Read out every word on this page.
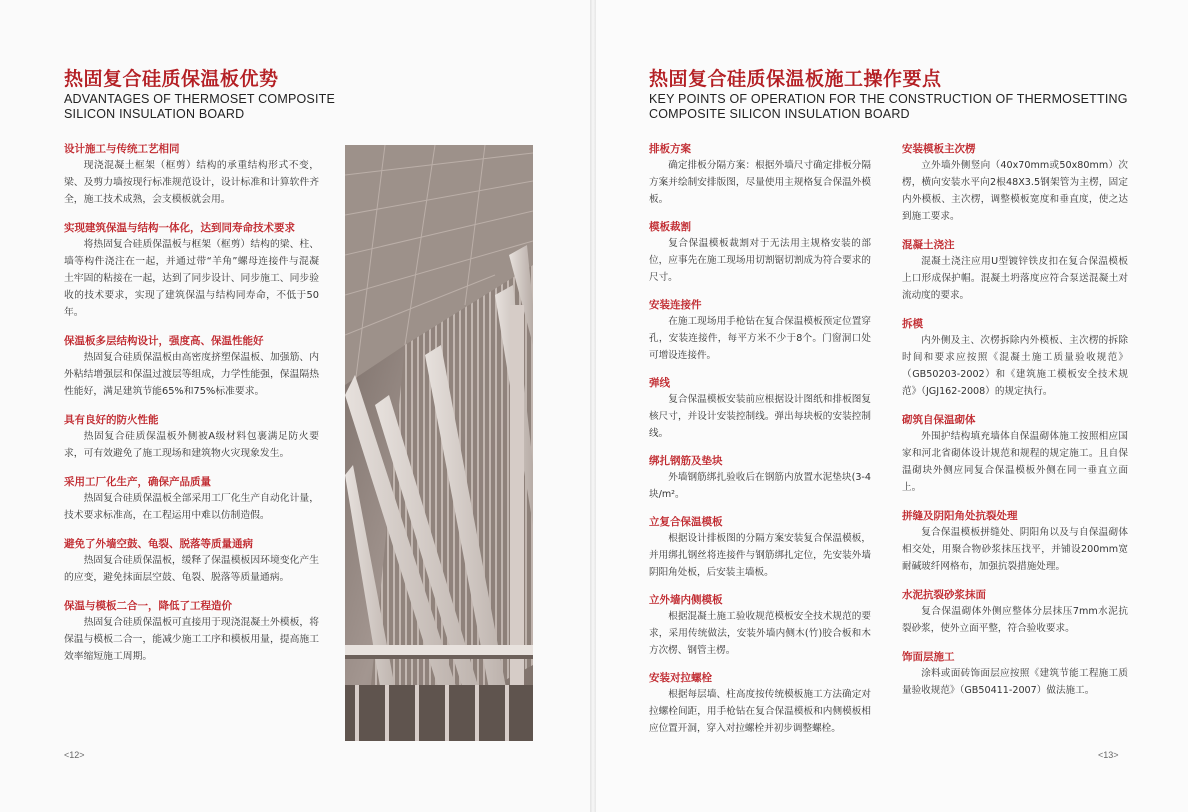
热固复合硅质保温板优势

ADVANTAGES OF THERMOSET COMPOSITE

SILICON INSULATION BOARD

设计施工与传统工艺相同

现浇混凝土框架（框剪）结构的承重结构形式不变，梁、及剪力墙按现行标准规范设计，设计标准和计算软件齐全，施工技术成熟，会支模板就会用。

实现建筑保温与结构一体化，达到同寿命技术要求

将热固复合硅质保温板与框架（框剪）结构的梁、柱、墙等构件浇注在一起，并通过带“羊角”螺母连接件与混凝土牢固的粘接在一起，达到了同步设计、同步施工、同步验收的技术要求，实现了建筑保温与结构同寿命，不低于50年。

保温板多层结构设计，强度高、保温性能好

热固复合硅质保温板由高密度挤塑保温板、加强筋、内外粘结增强层和保温过渡层等组成，力学性能强，保温隔热性能好，满足建筑节能65%和75%标准要求。

具有良好的防火性能

热固复合硅质保温板外侧被A级材料包裹满足防火要求，可有效避免了施工现场和建筑物火灾现象发生。

采用工厂化生产，确保产品质量

热固复合硅质保温板全部采用工厂化生产自动化计量，技术要求标准高，在工程运用中难以仿制造假。

避免了外墙空鼓、龟裂、脱落等质量通病

热固复合硅质保温板，缓释了保温模板因环境变化产生的应变，避免抹面层空鼓、龟裂、脱落等质量通病。

保温与模板二合一，降低了工程造价

热固复合硅质保温板可直接用于现浇混凝土外模板，将保温与模板二合一，能减少施工工序和模板用量，提高施工效率缩短施工周期。

<12>
热固复合硅质保温板施工操作要点

KEY POINTS OF OPERATION FOR THE CONSTRUCTION OF THERMOSETTING

COMPOSITE SILICON INSULATION BOARD

排板方案

确定排板分隔方案：根据外墙尺寸确定排板分隔方案并绘制安排版图，尽量使用主规格复合保温外模板。

模板裁割

复合保温模板裁割对于无法用主规格安装的部位，应事先在施工现场用切割锯切割成为符合要求的尺寸。

安装连接件

在施工现场用手枪钻在复合保温模板预定位置穿孔，安装连接件，每平方米不少于8个。门窗洞口处可增设连接件。

弹线

复合保温模板安装前应根据设计图纸和排板图复核尺寸，并设计安装控制线。弹出每块板的安装控制线。

绑扎钢筋及垫块

外墙钢筋绑扎验收后在钢筋内放置水泥垫块(3-4块/m²。

立复合保温模板

根据设计排板图的分隔方案安装复合保温模板，并用绑扎钢丝将连接件与钢筋绑扎定位，先安装外墙阴阳角处板，后安装主墙板。

立外墙内侧模板

根据混凝土施工验收规范模板安全技术规范的要求，采用传统做法，安装外墙内侧木(竹)胶合板和木方次楞、钢管主楞。

安装对拉螺栓

根据每层墙、柱高度按传统模板施工方法确定对拉螺栓间距，用手枪钻在复合保温模板和内侧模板相应位置开洞，穿入对拉螺栓并初步调整螺栓。

安装模板主次楞

立外墙外侧竖向（40x70mm或50x80mm）次楞，横向安装水平向2根48X3.5钢架管为主楞，固定内外模板、主次楞，调整模板宽度和垂直度，使之达到施工要求。

混凝土浇注

混凝土浇注应用U型镀锌铁皮扣在复合保温模板上口形成保护帽。混凝土坍落度应符合泵送混凝土对流动度的要求。

拆模

内外侧及主、次楞拆除内外模板、主次楞的拆除时间和要求应按照《混凝土施工质量验收规范》（GB50203-2002）和《建筑施工模板安全技术规范》（JGJ162-2008）的规定执行。

砌筑自保温砌体

外围护结构填充墙体自保温砌体施工按照相应国家和河北省砌体设计规范和规程的规定施工。且自保温砌块外侧应同复合保温模板外侧在同一垂直立面上。

拼缝及阴阳角处抗裂处理

复合保温模板拼缝处、阴阳角以及与自保温砌体相交处，用聚合物砂浆抹压找平，并铺设200mm宽耐碱玻纤网格布，加强抗裂措施处理。

水泥抗裂砂浆抹面

复合保温砌体外侧应整体分层抹压7mm水泥抗裂砂浆，使外立面平整，符合验收要求。

饰面层施工

涂料或面砖饰面层应按照《建筑节能工程施工质量验收规范》（GB50411-2007）做法施工。

<13>
